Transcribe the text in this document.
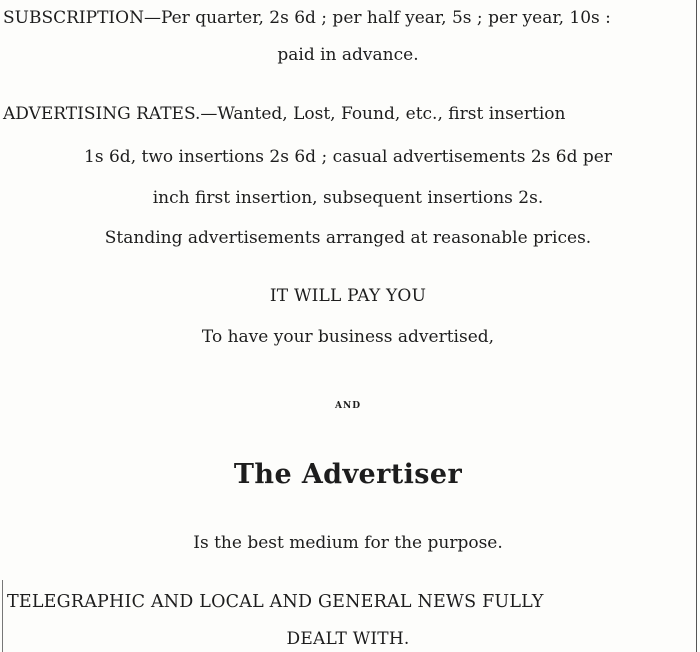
SUBSCRIPTION—Per quarter, 2s 6d ; per half year, 5s ; per year, 10s :
paid in advance.
ADVERTISING RATES.—Wanted, Lost, Found, etc., first insertion
1s 6d, two insertions 2s 6d ; casual advertisements 2s 6d per
inch first insertion, subsequent insertions 2s.
Standing advertisements arranged at reasonable prices.
IT WILL PAY YOU
To have your business advertised,
AND
The Advertiser
Is the best medium for the purpose.
TELEGRAPHIC AND LOCAL AND GENERAL NEWS FULLY
DEALT WITH.
